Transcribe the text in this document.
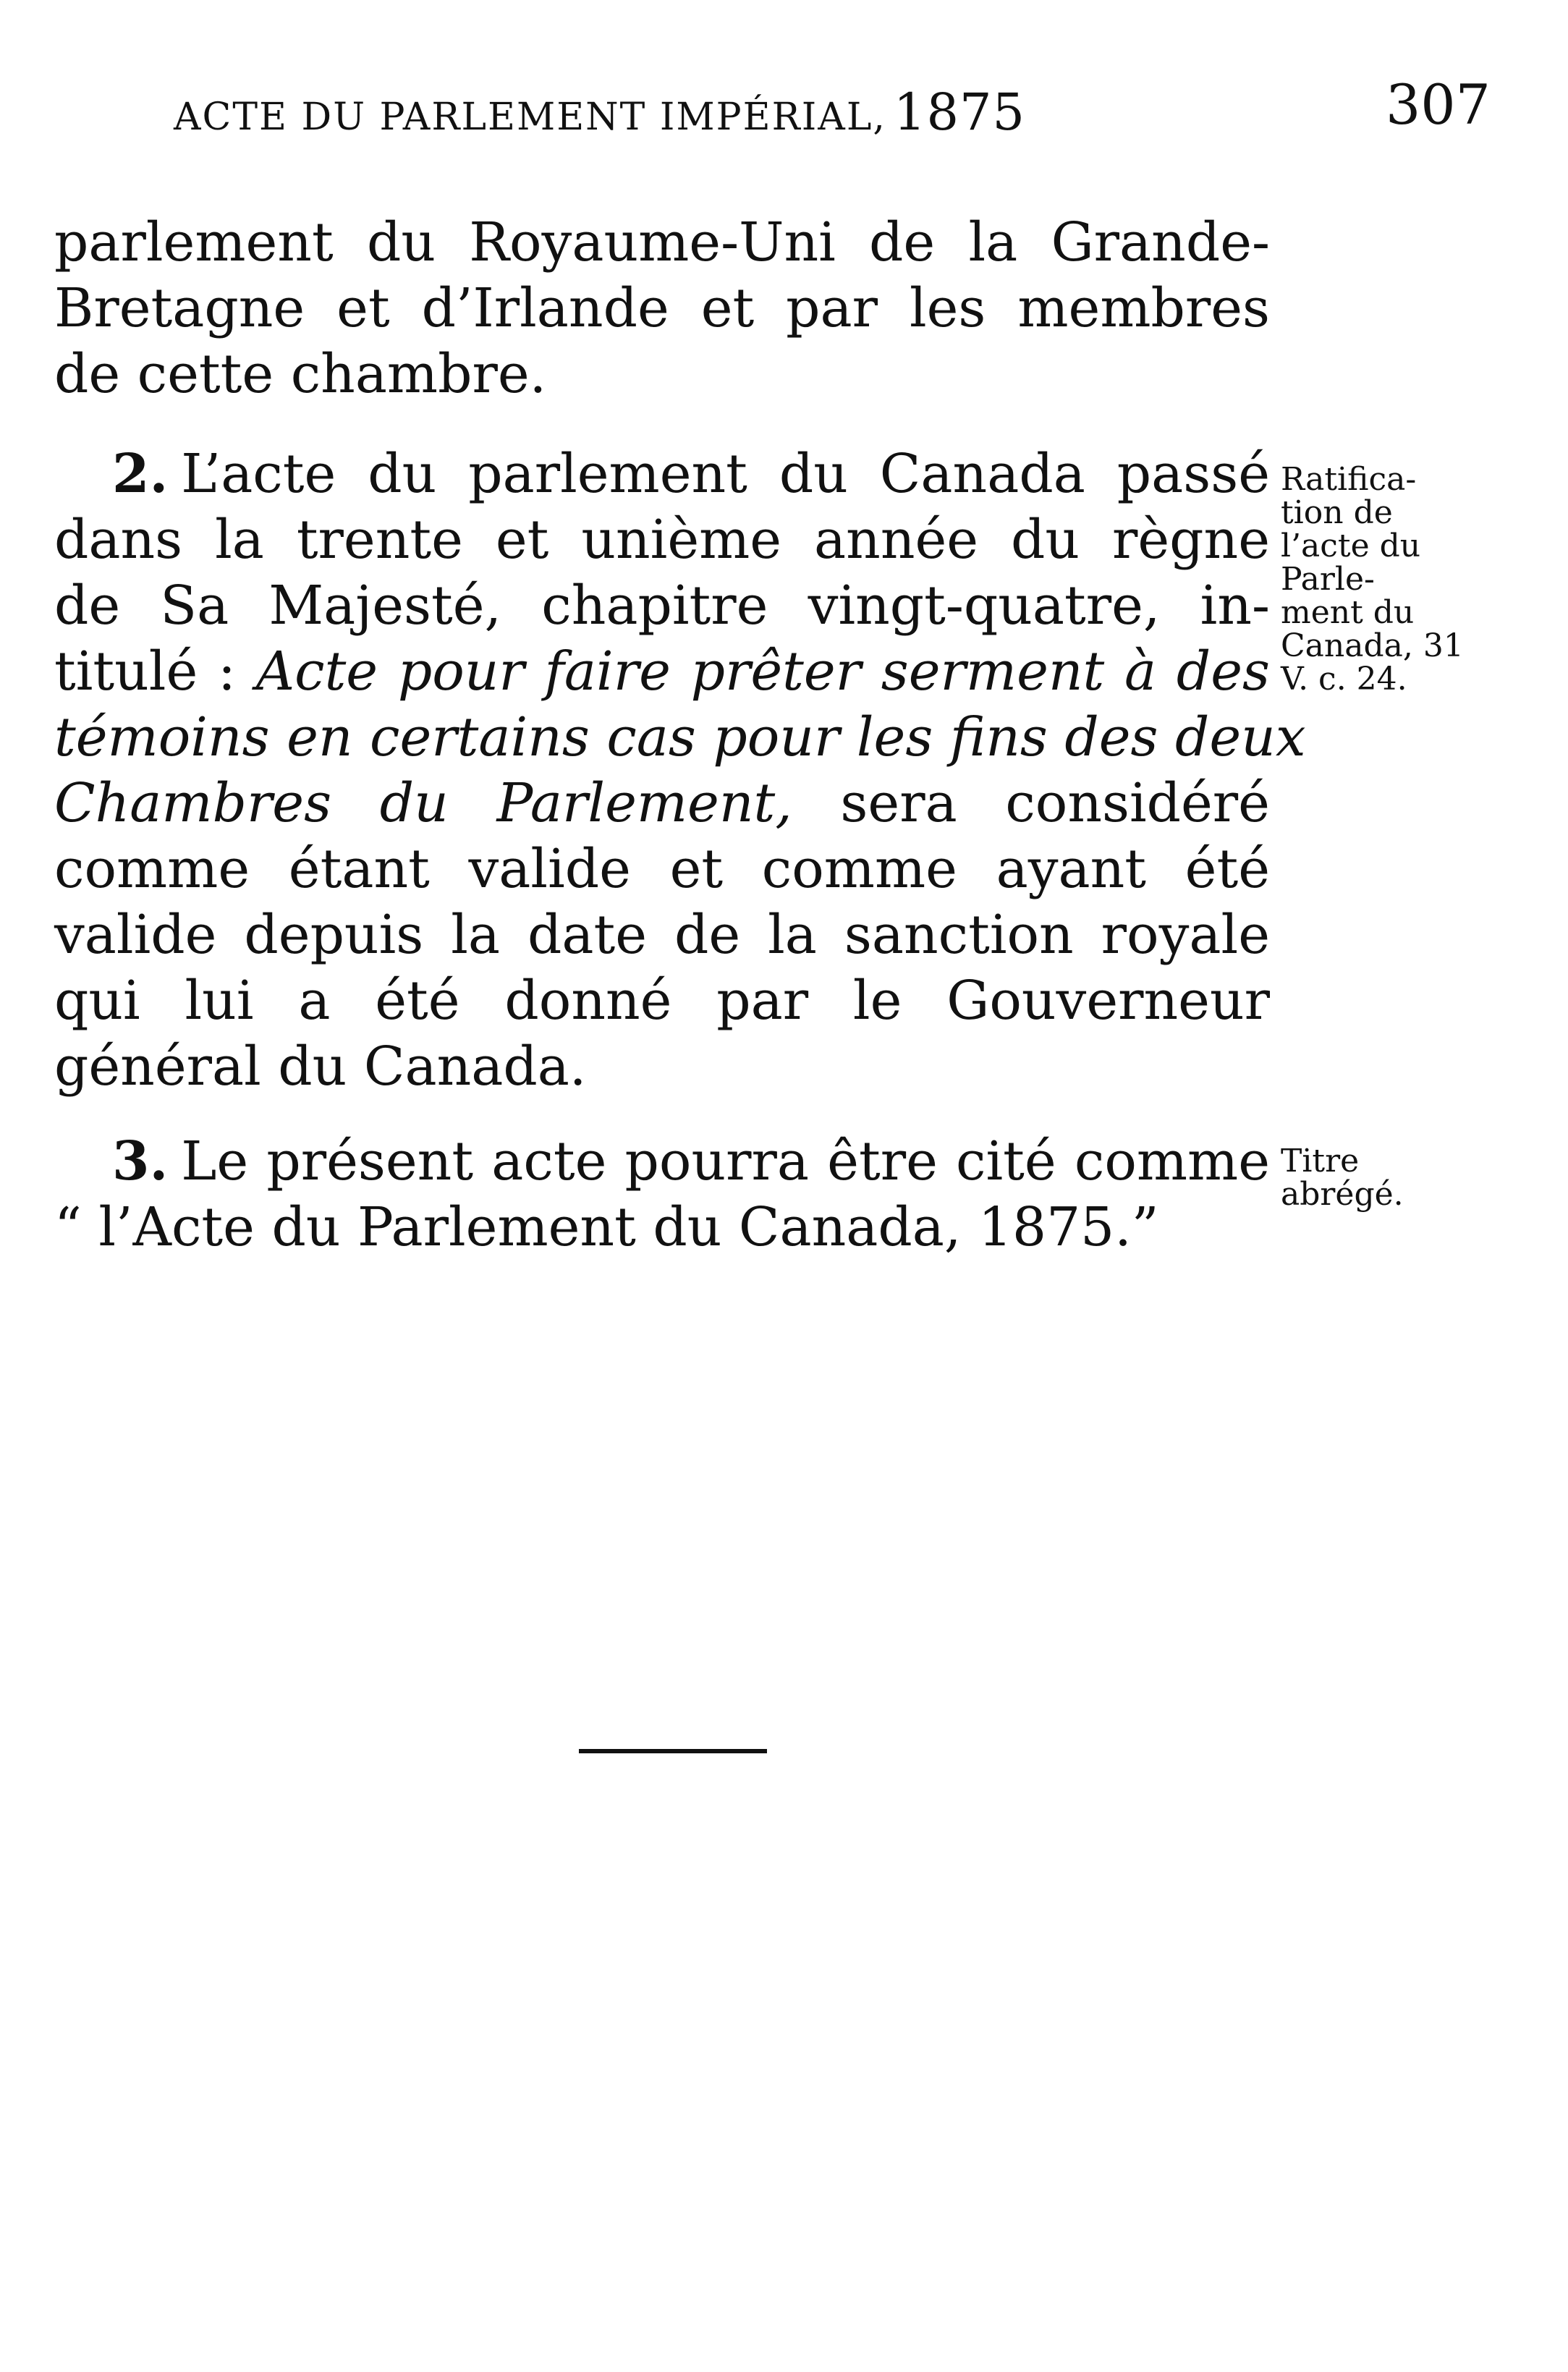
ACTE DU PARLEMENT IMPÉRIAL, 1875	307
parlement du Royaume-Uni de la Grande-
Bretagne et d’Irlande et par les membres
de cette chambre.
2. L’acte du parlement du Canada passé
dans la trente et unième année du règne
de Sa Majesté, chapitre vingt-quatre, in-
titulé : Acte pour faire prêter serment à des
témoins en certains cas pour les fins des deux
Chambres du Parlement, sera considéré
comme étant valide et comme ayant été
valide depuis la date de la sanction royale
qui lui a été donné par le Gouverneur
général du Canada.
Ratifica-
tion de
l’acte du
Parle-
ment du
Canada, 31
V. c. 24.
3. Le présent acte pourra être cité comme
“ l’Acte du Parlement du Canada, 1875.”
Titre
abrégé.
